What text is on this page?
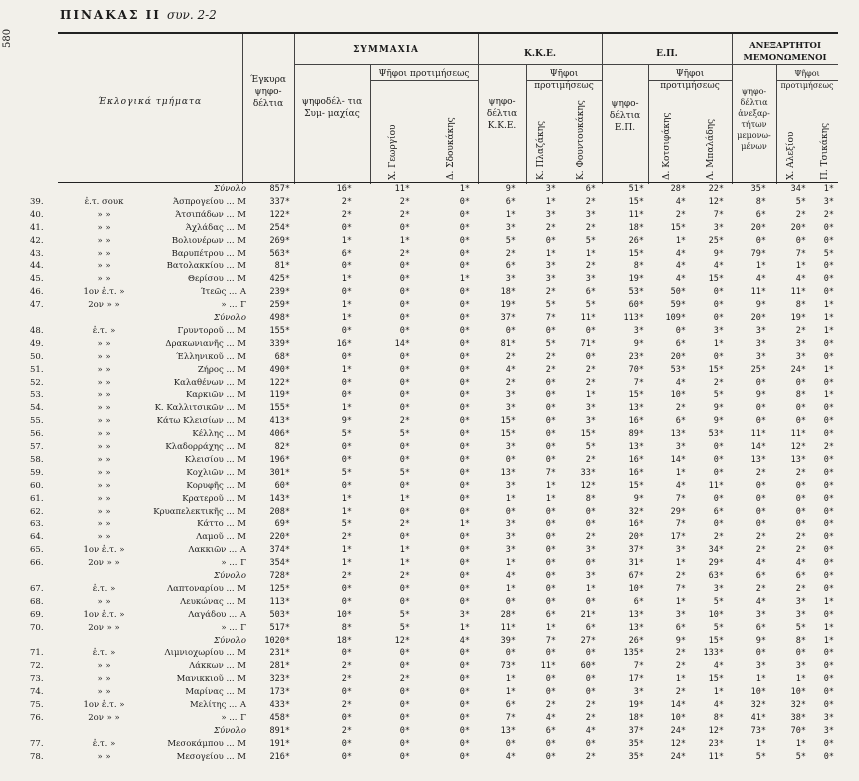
580
ΠΙΝΑΚΑΣ ΙΙ συν. 2-2
Έκλογικά τμήματα
Έγκυρα ψηφο- δέλτια
ΣΥΜΜΑΧΙΑ
ψηφοδέλ- τια Συμ- μαχίας
Ψῆφοι προτιμήσεως
Χ. Γεωργίου	Δ. Σδουκάκης
Κ.Κ.Ε.
ψηφο- δέλτια Κ.Κ.Ε.
Ψῆφοι προτιμήσεως
Κ. Πλαζάκης	Κ. Φουντουκάκης
Ε.Π.
ψηφο- δέλτια Ε.Π.
Ψῆφοι προτιμήσεως
Δ. Κοτσιφάκης	Λ. Μπαλάδης
ΑΝΕΞΑΡΤΗΤΟΙ ΜΕΜΟΝΩΜΕΝΟΙ
ψηφο- δέλτια ἀνεξαρ- τήτων μεμονω- μένων
Ψῆφοι προτιμήσεως
Χ. Αλεξίου	Π. Τσικάκης
Σύνολο	857*	16*	11*	1*	9*	3*	6*	51*	28*	22*	35*	34* 1*
39.	ἐ.τ. σουκ	Άσπρογείου ... Μ	337*	2*	2*	0*	6*	1*	2*	15*	4*	12*	8*	5* 3*
40.	» »	Άτσιπάδων ... Μ	122*	2*	2*	0*	1*	3*	3*	11*	2*	7*	6*	2* 2*
41.	» »	Άχλάδας ... Μ	254*	0*	0*	0*	3*	2*	2*	18*	15*	3*	20*	20* 0*
42.	» »	Βολιονέρων ... Μ	269*	1*	1*	0*	5*	0*	5*	26*	1*	25*	0*	0* 0*
43.	» »	Βαρυπέτρου ... Μ	563*	6*	2*	0*	2*	1*	1*	15*	4*	9*	79*	7* 5*
44.	» »	Βατολακκίου ... Μ	81*	0*	0*	0*	6*	3*	2*	8*	4*	4*	1*	1* 0*
45.	» »	Θερίσου ... Μ	425*	1*	0*	1*	3*	3*	3*	19*	4*	15*	4*	4* 0*
46.	1ον ἐ.τ. »	Ίτεῶς ... Α	239*	0*	0*	0*	18*	2*	6*	53*	50*	0*	11*	11* 0*
47.	2ον » »	» ... Γ	259*	1*	0*	0*	19*	5*	5*	60*	59*	0*	9*	8* 1*
Σύνολο	498*	1*	0*	0*	37*	7*	11*	113*	109*	0*	20*	19* 1*
48.	ἐ.τ. »	Γρυντοροῦ ... Μ	155*	0*	0*	0*	0*	0*	0*	3*	0*	3*	3*	2* 1*
49.	» »	Δρακωνιανῆς ... Μ	339*	16*	14*	0*	81*	5*	71*	9*	6*	1*	3*	3* 0*
50.	» »	Έλληνικοῦ ... Μ	68*	0*	0*	0*	2*	2*	0*	23*	20*	0*	3*	3* 0*
51.	» »	Ζήρος ... Μ	490*	1*	0*	0*	4*	2*	2*	70*	53*	15*	25*	24* 1*
52.	» »	Καλαθένων ... Μ	122*	0*	0*	0*	2*	0*	2*	7*	4*	2*	0*	0* 0*
53.	» »	Καρκιῶν ... Μ	119*	0*	0*	0*	3*	0*	1*	15*	10*	5*	9*	8* 1*
54.	» »	Κ. Καλλιτσικῶν ... Μ	155*	1*	0*	0*	3*	0*	3*	13*	2*	9*	0*	0* 0*
55.	» »	Κάτω Κλεισίων ... Μ	413*	9*	2*	0*	15*	0*	3*	16*	6*	9*	0*	0* 0*
56.	» »	Κέλλης ... Μ	406*	5*	5*	0*	15*	0*	15*	89*	13*	53*	11*	11* 0*
57.	» »	Κλαδορράχης ... Μ	82*	0*	0*	0*	3*	0*	5*	13*	3*	0*	14*	12* 2*
58.	» »	Κλεισίου ... Μ	196*	0*	0*	0*	0*	0*	2*	16*	14*	0*	13*	13* 0*
59.	» »	Κοχλιῶν ... Μ	301*	5*	5*	0*	13*	7*	33*	16*	1*	0*	2*	2* 0*
60.	» »	Κορυφῆς ... Μ	60*	0*	0*	0*	3*	1*	12*	15*	4*	11*	0*	0* 0*
61.	» »	Κρατεροῦ ... Μ	143*	1*	1*	0*	1*	1*	8*	9*	7*	0*	0*	0* 0*
62.	» »	Κρυαπελεκτικῆς ... Μ	208*	1*	0*	0*	0*	0*	0*	32*	29*	6*	0*	0* 0*
63.	» »	Κάττο ... Μ	69*	5*	2*	1*	3*	0*	0*	16*	7*	0*	0*	0* 0*
64.	» »	Λαμοῦ ... Μ	220*	2*	0*	0*	3*	0*	2*	20*	17*	2*	2*	2* 0*
65.	1ον ἐ.τ. »	Λακκιῶν ... Α	374*	1*	1*	0*	3*	0*	3*	37*	3*	34*	2*	2* 0*
66.	2ον » »	» ... Γ	354*	1*	1*	0*	1*	0*	0*	31*	1*	29*	4*	4* 0*
Σύνολο	728*	2*	2*	0*	4*	0*	3*	67*	2*	63*	6*	6* 0*
67.	ἐ.τ. »	Λαπτοναρίου ... Μ	125*	0*	0*	0*	1*	0*	1*	10*	7*	3*	2*	2* 0*
68.	» »	Λευκώνας ... Μ	113*	0*	0*	0*	0*	0*	0*	6*	1*	5*	4*	3* 1*
69.	1ον ἐ.τ. »	Λαγάδου ... Α	503*	10*	5*	3*	28*	6*	21*	13*	3*	10*	3*	3* 0*
70.	2ον » »	» ... Γ	517*	8*	5*	1*	11*	1*	6*	13*	6*	5*	6*	5* 1*
Σύνολο 1020*	18*	12*	4*	39*	7*	27*	26*	9*	15*	9*	8* 1*
71.	ἐ.τ. »	Λιμνιοχωρίου ... Μ	231*	0*	0*	0*	0*	0*	0*	135*	2* 133*	0*	0* 0*
72.	» »	Λάκκων ... Μ	281*	2*	0*	0*	73*	11*	60*	7*	2*	4*	3*	3* 0*
73.	» »	Μανικκιοῦ ... Μ	323*	2*	2*	0*	1*	0*	0*	17*	1*	15*	1*	1* 0*
74.	» »	Μαρίνας ... Μ	173*	0*	0*	0*	1*	0*	0*	3*	2*	1*	10*	10* 0*
75.	1ον ἐ.τ. »	Μελίτης ... Α	433*	2*	0*	0*	6*	2*	2*	19*	14*	4*	32*	32* 0*
76.	2ον » »	» ... Γ	458*	0*	0*	0*	7*	4*	2*	18*	10*	8*	41*	38* 3*
Σύνολο	891*	2*	0*	0*	13*	6*	4*	37*	24*	12*	73*	70* 3*
77.	ἐ.τ. »	Μεσοκάμπου ... Μ	191*	0*	0*	0*	0*	0*	0*	35*	12*	23*	1*	1* 0*
78.	» »	Μεσογείου ... Μ	216*	0*	0*	0*	4*	0*	2*	35*	24*	11*	5*	5* 0*
